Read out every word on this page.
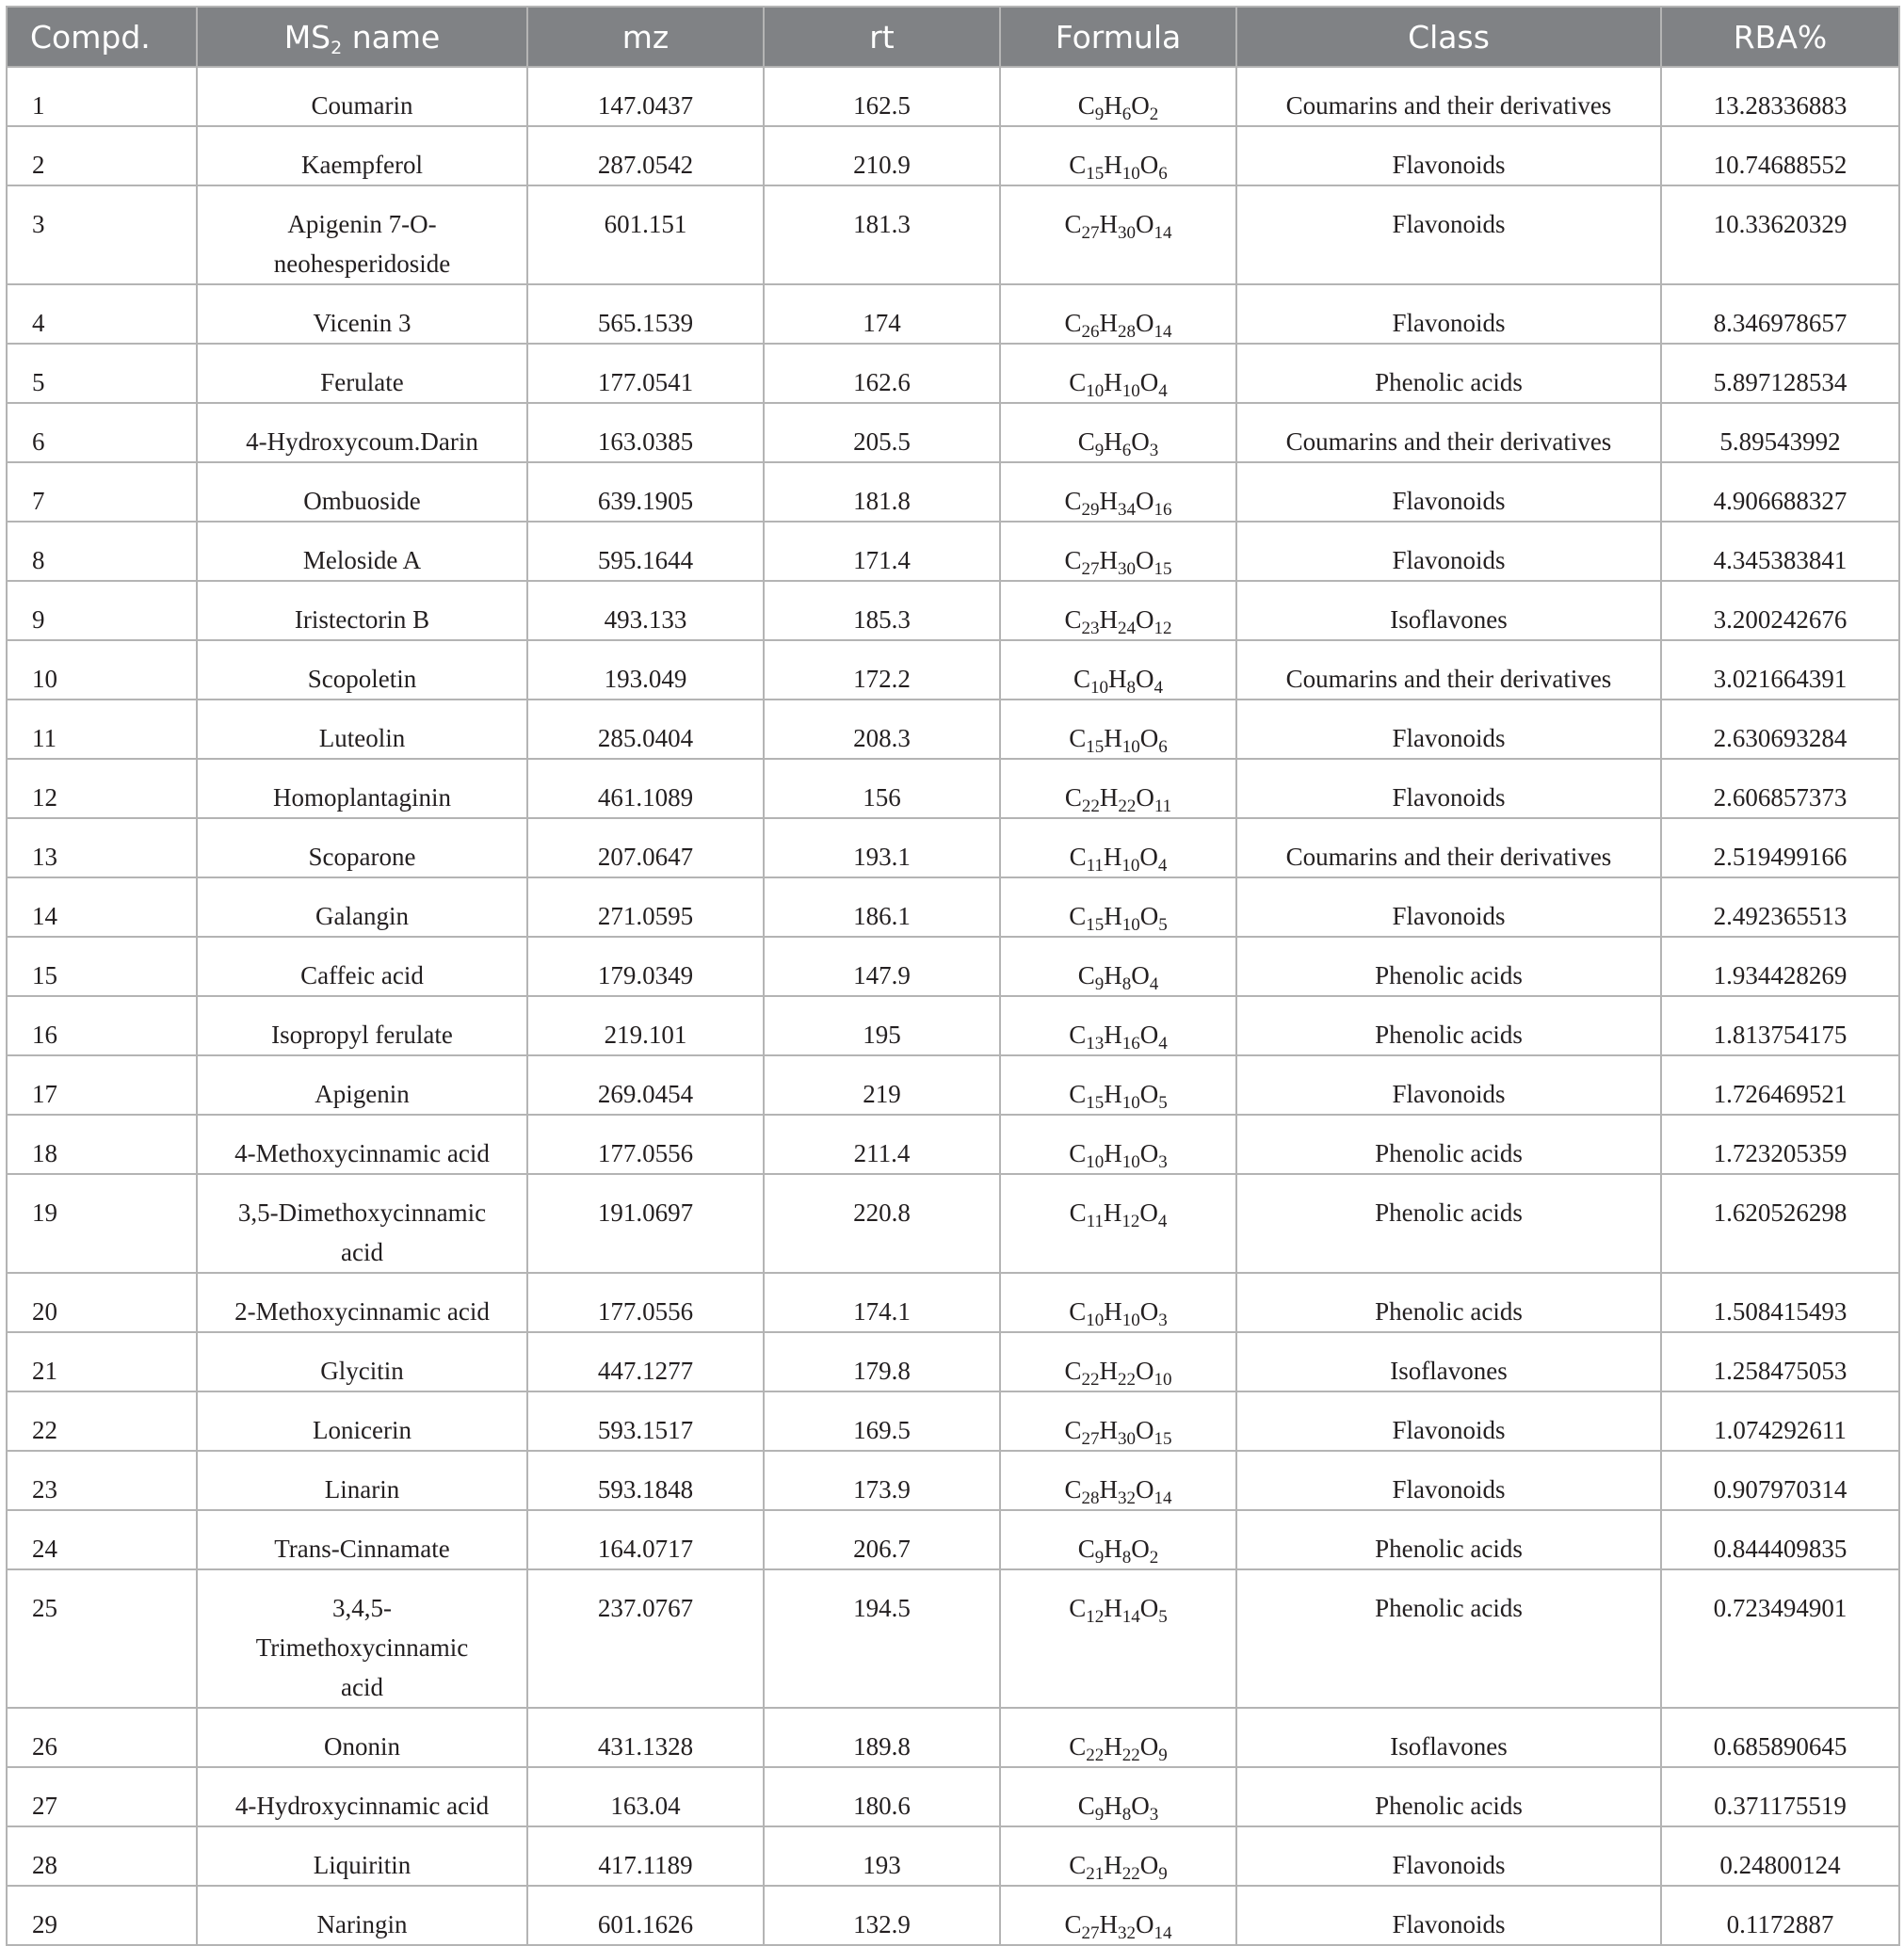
Compd.	$MS_2$ name	mz	rt	Formula	Class	RBA%
1	Coumarin	147.0437	162.5	$C_9H_6O_2$	Coumarins and their derivatives	13.28336883
2	Kaempferol	287.0542	210.9	$C_{15}H_{10}O_6$	Flavonoids	10.74688552
3	Apigenin 7-O-neohesperidoside	601.151	181.3	$C_{27}H_{30}O_{14}$	Flavonoids	10.33620329
4	Vicenin 3	565.1539	174	$C_{26}H_{28}O_{14}$	Flavonoids	8.346978657
5	Ferulate	177.0541	162.6	$C_{10}H_{10}O_4$	Phenolic acids	5.897128534
6	4-Hydroxycoum.Darin	163.0385	205.5	$C_9H_6O_3$	Coumarins and their derivatives	5.89543992
7	Ombuoside	639.1905	181.8	$C_{29}H_{34}O_{16}$	Flavonoids	4.906688327
8	Meloside A	595.1644	171.4	$C_{27}H_{30}O_{15}$	Flavonoids	4.345383841
9	Iristectorin B	493.133	185.3	$C_{23}H_{24}O_{12}$	Isoflavones	3.200242676
10	Scopoletin	193.049	172.2	$C_{10}H_8O_4$	Coumarins and their derivatives	3.021664391
11	Luteolin	285.0404	208.3	$C_{15}H_{10}O_6$	Flavonoids	2.630693284
12	Homoplantaginin	461.1089	156	$C_{22}H_{22}O_{11}$	Flavonoids	2.606857373
13	Scoparone	207.0647	193.1	$C_{11}H_{10}O_4$	Coumarins and their derivatives	2.519499166
14	Galangin	271.0595	186.1	$C_{15}H_{10}O_5$	Flavonoids	2.492365513
15	Caffeic acid	179.0349	147.9	$C_9H_8O_4$	Phenolic acids	1.934428269
16	Isopropyl ferulate	219.101	195	$C_{13}H_{16}O_4$	Phenolic acids	1.813754175
17	Apigenin	269.0454	219	$C_{15}H_{10}O_5$	Flavonoids	1.726469521
18	4-Methoxycinnamic acid	177.0556	211.4	$C_{10}H_{10}O_3$	Phenolic acids	1.723205359
19	3,5-Dimethoxycinnamic acid	191.0697	220.8	$C_{11}H_{12}O_4$	Phenolic acids	1.620526298
20	2-Methoxycinnamic acid	177.0556	174.1	$C_{10}H_{10}O_3$	Phenolic acids	1.508415493
21	Glycitin	447.1277	179.8	$C_{22}H_{22}O_{10}$	Isoflavones	1.258475053
22	Lonicerin	593.1517	169.5	$C_{27}H_{30}O_{15}$	Flavonoids	1.074292611
23	Linarin	593.1848	173.9	$C_{28}H_{32}O_{14}$	Flavonoids	0.907970314
24	Trans-Cinnamate	164.0717	206.7	$C_9H_8O_2$	Phenolic acids	0.844409835
25	3,4,5-Trimethoxycinnamic acid	237.0767	194.5	$C_{12}H_{14}O_5$	Phenolic acids	0.723494901
26	Ononin	431.1328	189.8	$C_{22}H_{22}O_9$	Isoflavones	0.685890645
27	4-Hydroxycinnamic acid	163.04	180.6	$C_9H_8O_3$	Phenolic acids	0.371175519
28	Liquiritin	417.1189	193	$C_{21}H_{22}O_9$	Flavonoids	0.24800124
29	Naringin	601.1626	132.9	$C_{27}H_{32}O_{14}$	Flavonoids	0.1172887
